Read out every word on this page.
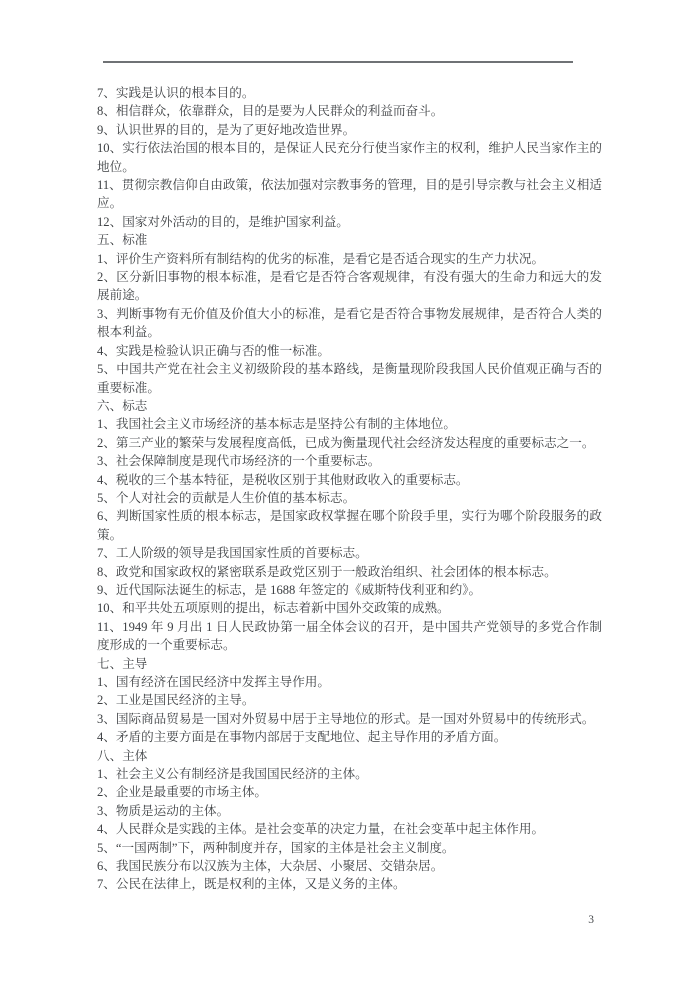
7、实践是认识的根本目的。
8、相信群众，依靠群众，目的是要为人民群众的利益而奋斗。
9、认识世界的目的，是为了更好地改造世界。
10、实行依法治国的根本目的，是保证人民充分行使当家作主的权利，维护人民当家作主的地位。
11、贯彻宗教信仰自由政策，依法加强对宗教事务的管理，目的是引导宗教与社会主义相适应。
12、国家对外活动的目的，是维护国家利益。
五、标准
1、评价生产资料所有制结构的优劣的标准，是看它是否适合现实的生产力状况。
2、区分新旧事物的根本标准，是看它是否符合客观规律，有没有强大的生命力和远大的发展前途。
3、判断事物有无价值及价值大小的标准，是看它是否符合事物发展规律，是否符合人类的根本利益。
4、实践是检验认识正确与否的惟一标准。
5、中国共产党在社会主义初级阶段的基本路线，是衡量现阶段我国人民价值观正确与否的重要标准。
六、标志
1、我国社会主义市场经济的基本标志是坚持公有制的主体地位。
2、第三产业的繁荣与发展程度高低，已成为衡量现代社会经济发达程度的重要标志之一。
3、社会保障制度是现代市场经济的一个重要标志。
4、税收的三个基本特征，是税收区别于其他财政收入的重要标志。
5、个人对社会的贡献是人生价值的基本标志。
6、判断国家性质的根本标志，是国家政权掌握在哪个阶段手里，实行为哪个阶段服务的政策。
7、工人阶级的领导是我国国家性质的首要标志。
8、政党和国家政权的紧密联系是政党区别于一般政治组织、社会团体的根本标志。
9、近代国际法诞生的标志，是 1688 年签定的《威斯特伐利亚和约》。
10、和平共处五项原则的提出，标志着新中国外交政策的成熟。
11、1949 年 9 月出 1 日人民政协第一届全体会议的召开，是中国共产党领导的多党合作制度形成的一个重要标志。
七、主导
1、国有经济在国民经济中发挥主导作用。
2、工业是国民经济的主导。
3、国际商品贸易是一国对外贸易中居于主导地位的形式。是一国对外贸易中的传统形式。
4、矛盾的主要方面是在事物内部居于支配地位、起主导作用的矛盾方面。
八、主体
1、社会主义公有制经济是我国国民经济的主体。
2、企业是最重要的市场主体。
3、物质是运动的主体。
4、人民群众是实践的主体。是社会变革的决定力量，在社会变革中起主体作用。
5、“一国两制”下，两种制度并存，国家的主体是社会主义制度。
6、我国民族分布以汉族为主体，大杂居、小聚居、交错杂居。
7、公民在法律上，既是权利的主体，又是义务的主体。
3
